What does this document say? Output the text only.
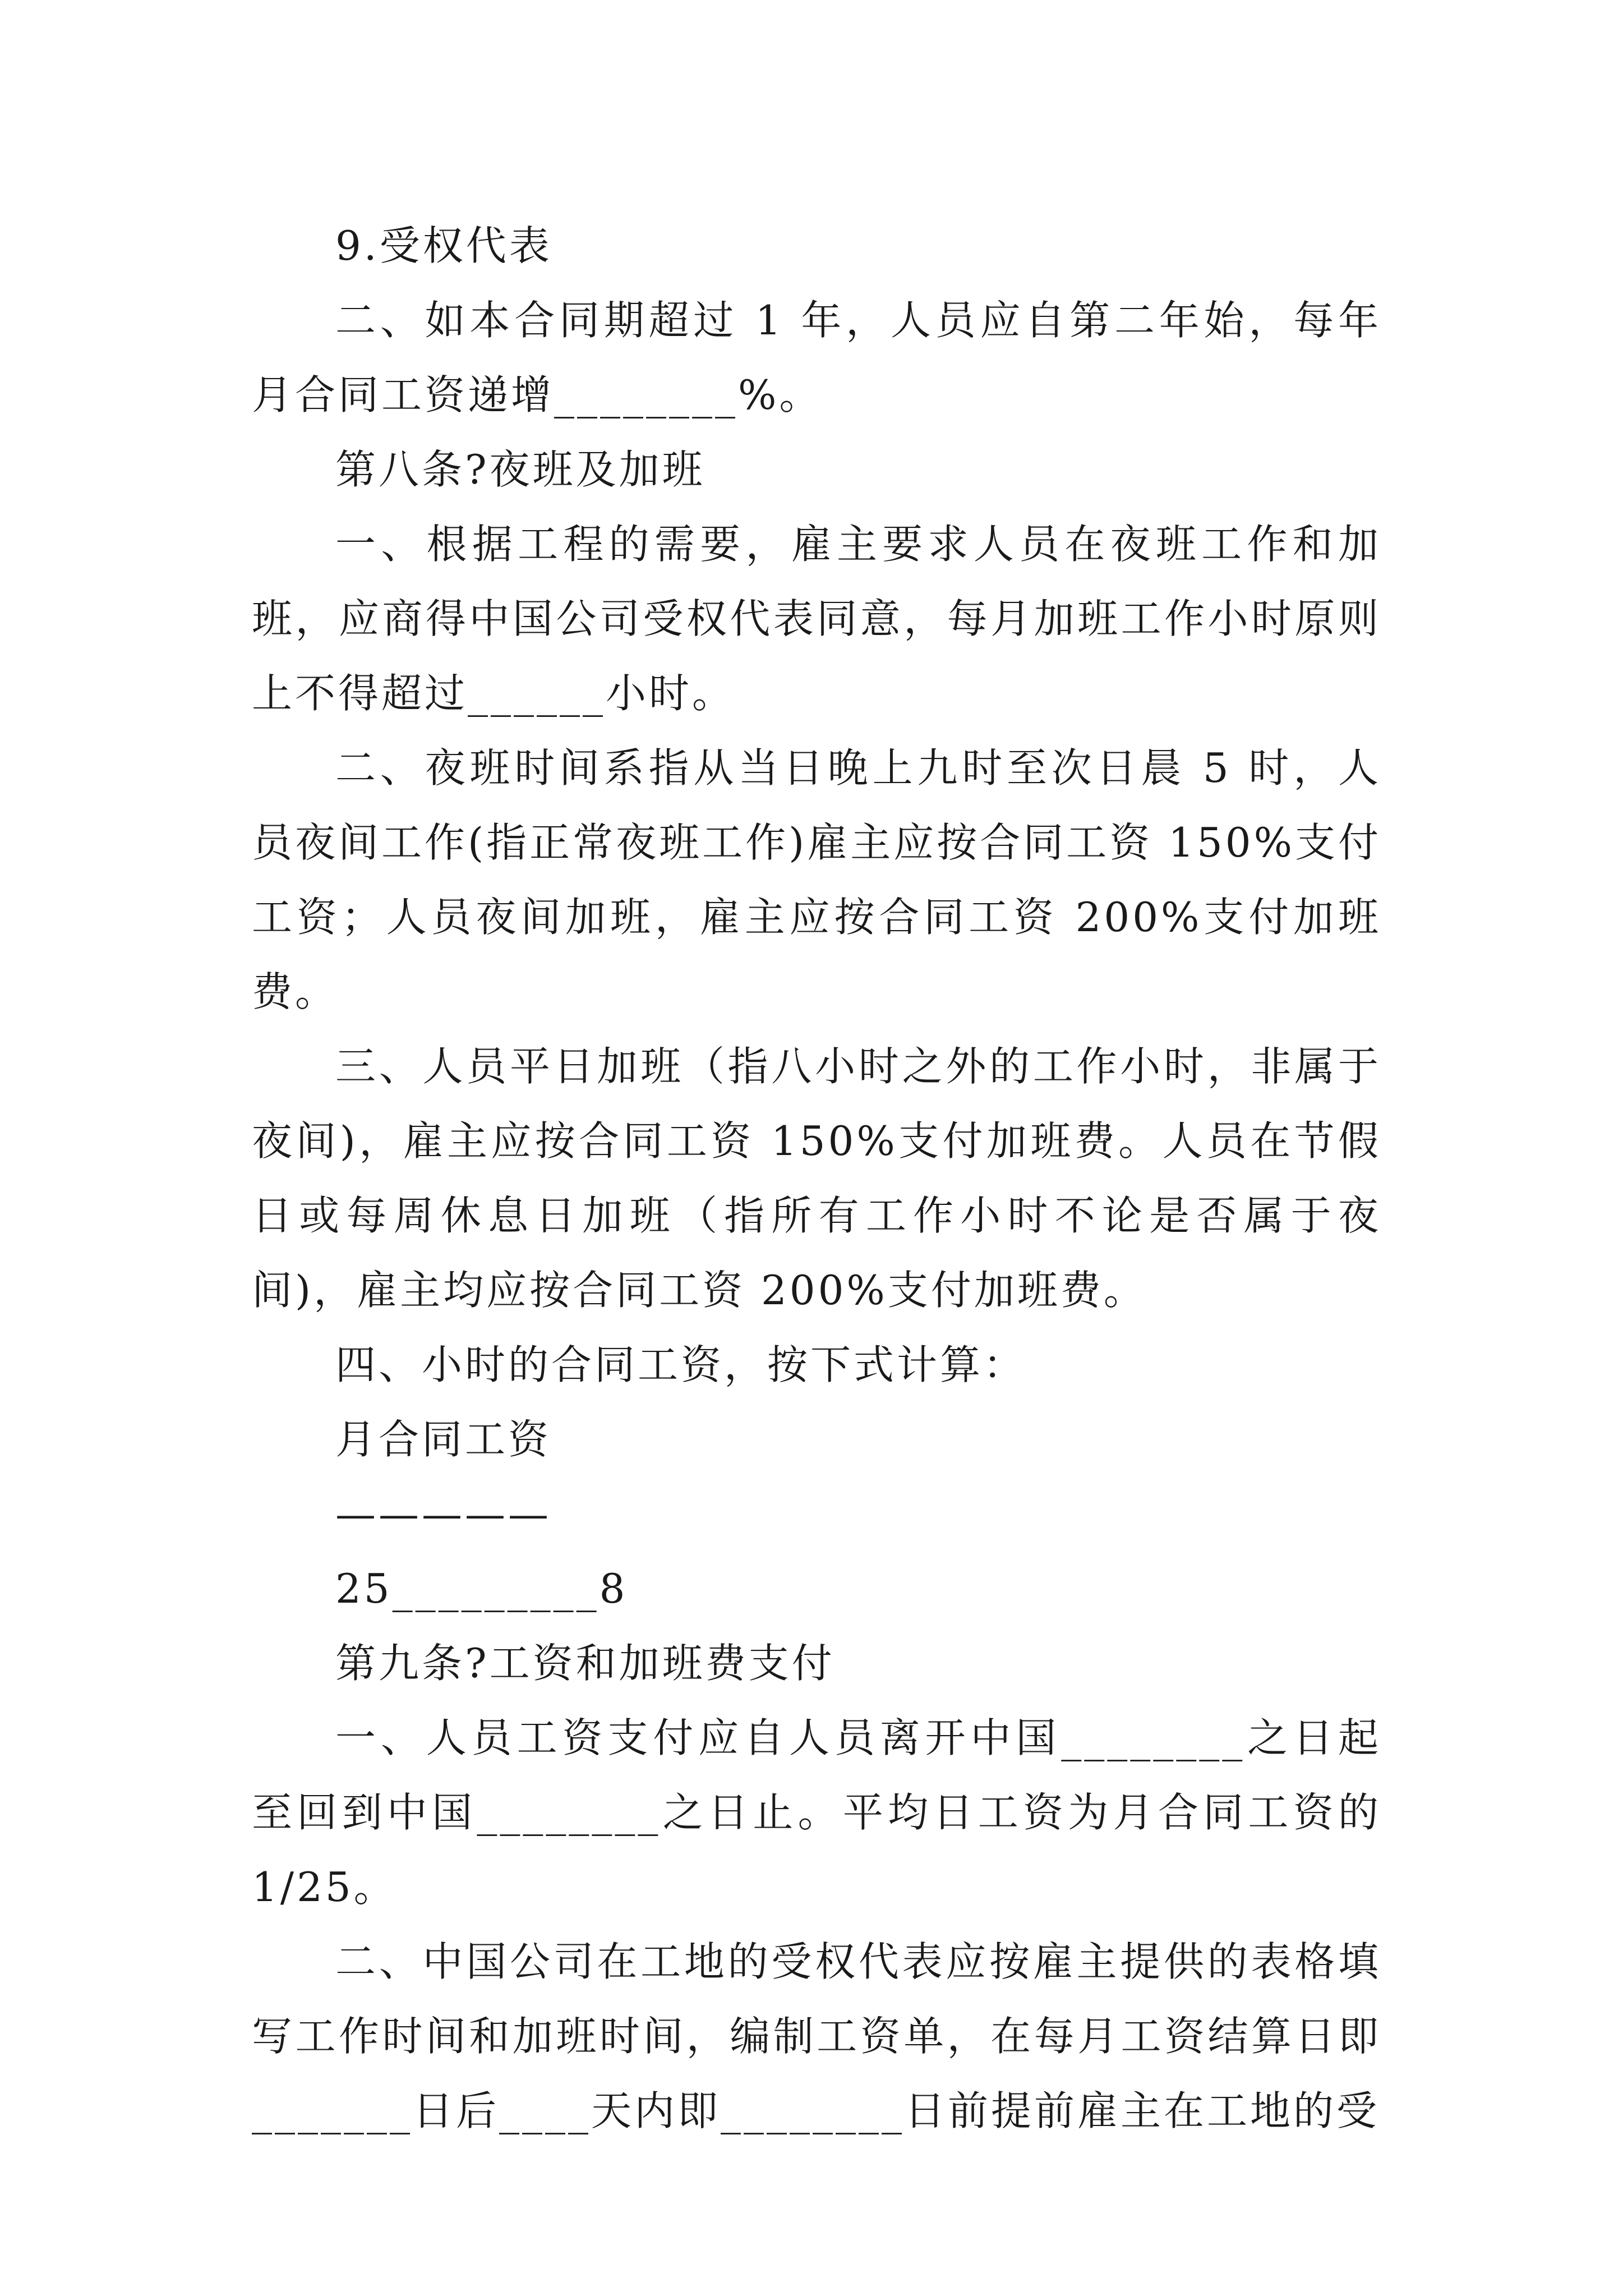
9.受权代表

二、如本合同期超过 1 年，人员应自第二年始，每年月合同工资递增________%。

第八条?夜班及加班

一、根据工程的需要，雇主要求人员在夜班工作和加班，应商得中国公司受权代表同意，每月加班工作小时原则上不得超过______小时。

二、夜班时间系指从当日晚上九时至次日晨 5 时，人员夜间工作(指正常夜班工作)雇主应按合同工资 150%支付工资；人员夜间加班，雇主应按合同工资 200%支付加班费。

三、人员平日加班（指八小时之外的工作小时，非属于夜间)，雇主应按合同工资 150%支付加班费。人员在节假日或每周休息日加班（指所有工作小时不论是否属于夜间)，雇主均应按合同工资 200%支付加班费。

四、小时的合同工资，按下式计算：

月合同工资

—————

25_________8

第九条?工资和加班费支付

一、人员工资支付应自人员离开中国________之日起至回到中国________之日止。平均日工资为月合同工资的1/25。

二、中国公司在工地的受权代表应按雇主提供的表格填写工作时间和加班时间，编制工资单，在每月工资结算日即_______日后____天内即________日前提前雇主在工地的受
